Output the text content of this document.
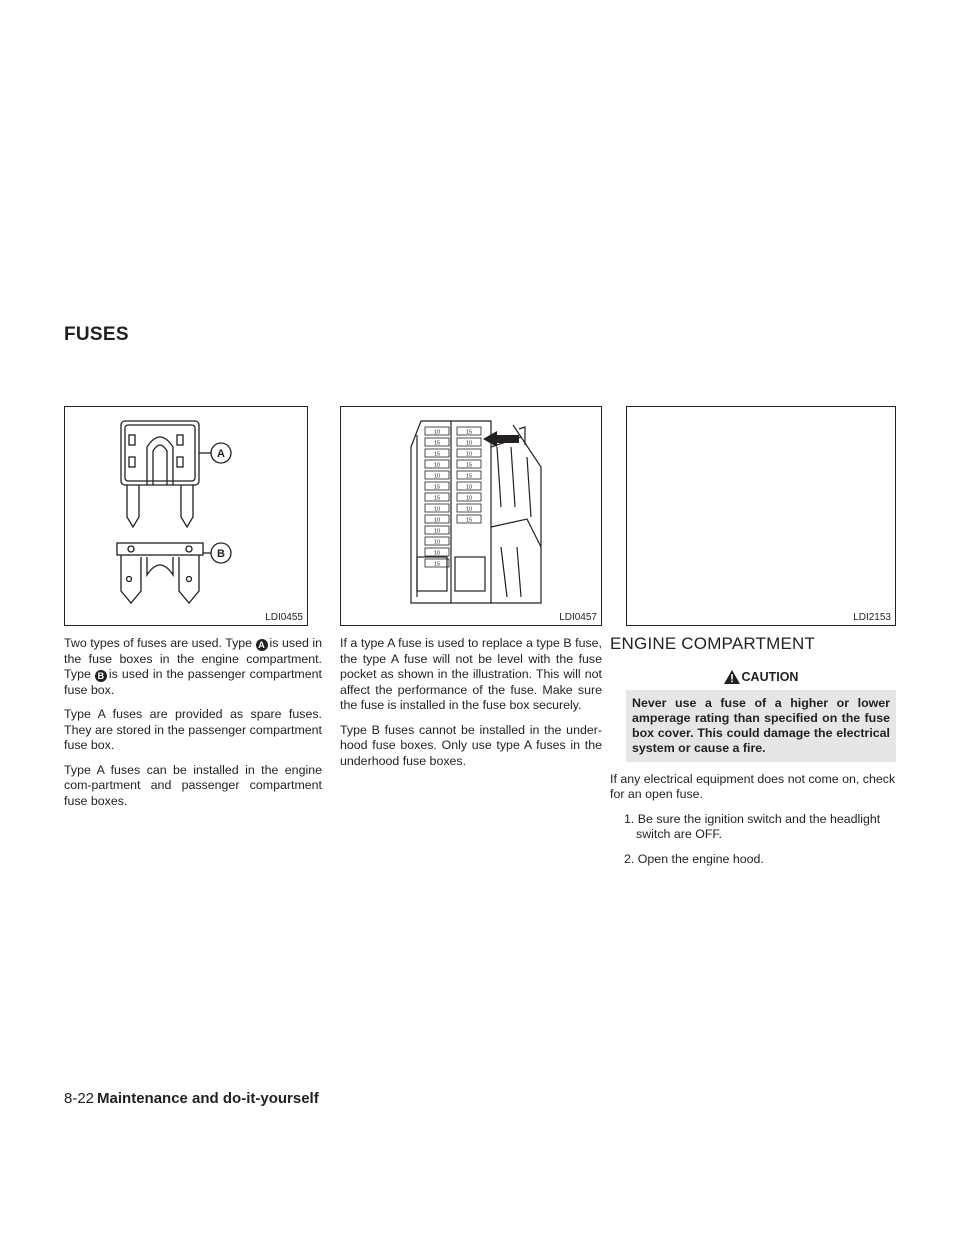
FUSES
A
B
LDI0455
10
15
15
10
10
15
15
10
10
10
10
10
15
15
10
10
15
15
10
10
10
15
LDI0457	LDI2153

Two types of fuses are used. Type A is used in the fuse boxes in the engine compartment. Type B is used in the passenger compartment fuse box.

Type A fuses are provided as spare fuses. They are stored in the passenger compartment fuse box.

Type A fuses can be installed in the engine com-partment and passenger compartment fuse boxes.

If a type A fuse is used to replace a type B fuse, the type A fuse will not be level with the fuse pocket as shown in the illustration. This will not affect the performance of the fuse. Make sure the fuse is installed in the fuse box securely.

Type B fuses cannot be installed in the under-hood fuse boxes. Only use type A fuses in the underhood fuse boxes.

ENGINE COMPARTMENT
CAUTION
Never use a fuse of a higher or lower amperage rating than specified on the fuse box cover. This could damage the electrical system or cause a fire.

If any electrical equipment does not come on, check for an open fuse.

1. Be sure the ignition switch and the headlight switch are OFF.

2. Open the engine hood.

8-22 Maintenance and do-it-yourself
